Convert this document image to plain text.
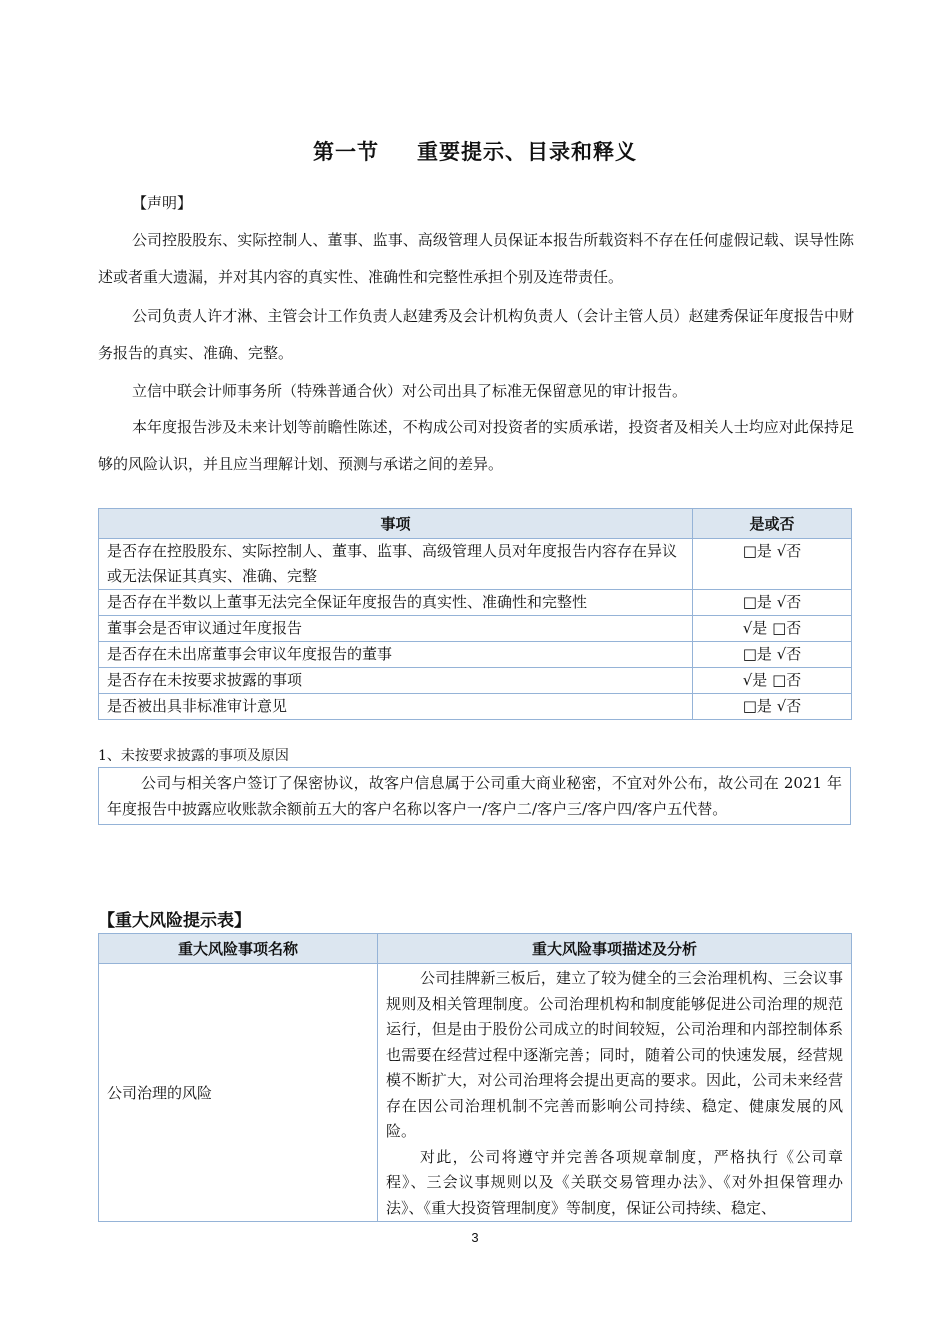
第一节 重要提示、目录和释义
【声明】
公司控股股东、实际控制人、董事、监事、高级管理人员保证本报告所载资料不存在任何虚假记载、误导性陈述或者重大遗漏，并对其内容的真实性、准确性和完整性承担个别及连带责任。
公司负责人许才淋、主管会计工作负责人赵建秀及会计机构负责人（会计主管人员）赵建秀保证年度报告中财务报告的真实、准确、完整。
立信中联会计师事务所（特殊普通合伙）对公司出具了标准无保留意见的审计报告。
本年度报告涉及未来计划等前瞻性陈述，不构成公司对投资者的实质承诺，投资者及相关人士均应对此保持足够的风险认识，并且应当理解计划、预测与承诺之间的差异。
事项	是或否
是否存在控股股东、实际控制人、董事、监事、高级管理人员对年度报告内容存在异议或无法保证其真实、准确、完整	□是 √否
是否存在半数以上董事无法完全保证年度报告的真实性、准确性和完整性	□是 √否
董事会是否审议通过年度报告	√是 □否
是否存在未出席董事会审议年度报告的董事	□是 √否
是否存在未按要求披露的事项	√是 □否
是否被出具非标准审计意见	□是 √否
1、未按要求披露的事项及原因
公司与相关客户签订了保密协议，故客户信息属于公司重大商业秘密，不宜对外公布，故公司在 2021 年年度报告中披露应收账款余额前五大的客户名称以客户一/客户二/客户三/客户四/客户五代替。
【重大风险提示表】
重大风险事项名称	重大风险事项描述及分析
公司治理的风险	公司挂牌新三板后，建立了较为健全的三会治理机构、三会议事规则及相关管理制度。公司治理机构和制度能够促进公司治理的规范运行，但是由于股份公司成立的时间较短，公司治理和内部控制体系也需要在经营过程中逐渐完善；同时，随着公司的快速发展，经营规模不断扩大，对公司治理将会提出更高的要求。因此，公司未来经营存在因公司治理机制不完善而影响公司持续、稳定、健康发展的风险。

对此，公司将遵守并完善各项规章制度，严格执行《公司章程》、三会议事规则以及《关联交易管理办法》、《对外担保管理办法》、《重大投资管理制度》等制度，保证公司持续、稳定、

3
